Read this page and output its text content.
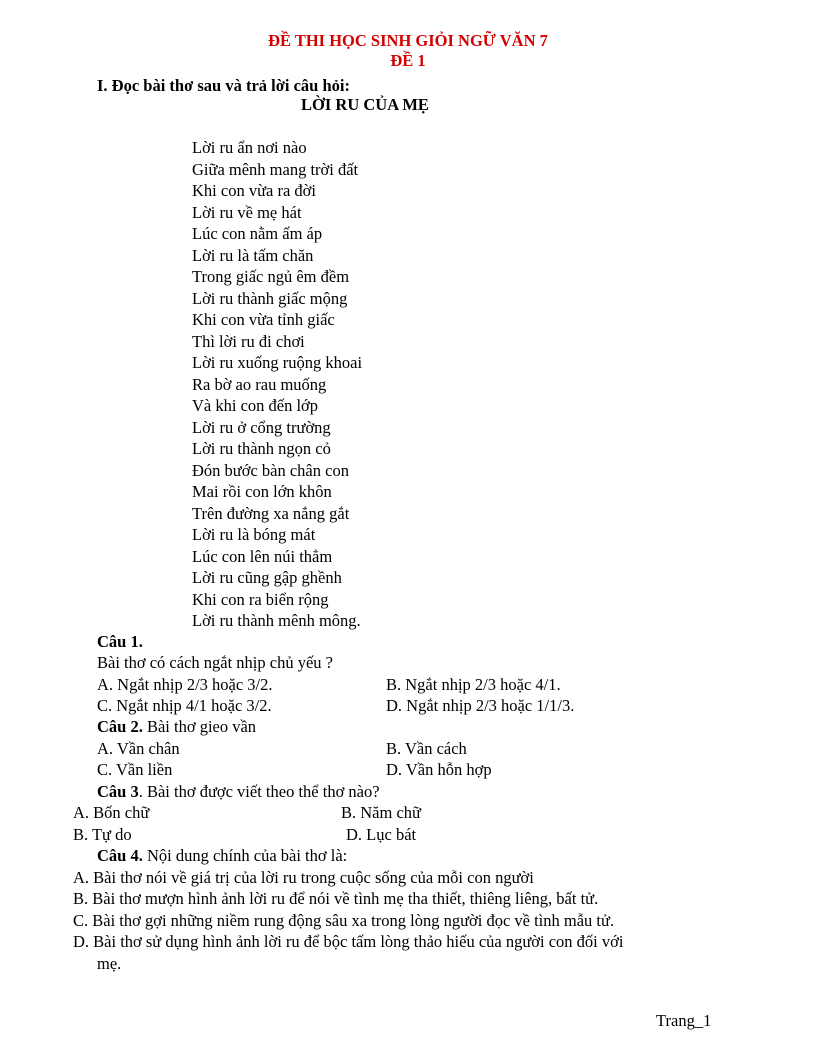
ĐỀ THI HỌC SINH GIỎI NGỮ VĂN 7
ĐỀ 1
I. Đọc bài thơ sau và trả lời câu hỏi:
LỜI RU CỦA MẸ
Lời ru ẩn nơi nào
Giữa mênh mang trời đất
Khi con vừa ra đời
Lời ru về mẹ hát
Lúc con nằm ấm áp
Lời ru là tấm chăn
Trong giấc ngủ êm đềm
Lời ru thành giấc mộng
Khi con vừa tỉnh giấc
Thì lời ru đi chơi
Lời ru xuống ruộng khoai
Ra bờ ao rau muống
Và khi con đến lớp
Lời ru ở cổng trường
Lời ru thành ngọn cỏ
Đón bước bàn chân con
Mai rồi con lớn khôn
Trên đường xa nắng gắt
Lời ru là bóng mát
Lúc con lên núi thẳm
Lời ru cũng gập ghềnh
Khi con ra biển rộng
Lời ru thành mênh mông.
Câu 1.
Bài thơ có cách ngắt nhịp chủ yếu ?
A. Ngắt nhịp 2/3 hoặc 3/2.	B. Ngắt nhịp 2/3 hoặc 4/1.
C. Ngắt nhịp 4/1 hoặc 3/2.	D. Ngắt nhịp 2/3 hoặc 1/1/3.
Câu 2. Bài thơ gieo vần
A. Vần chân	B. Vần cách
C. Vần liền	D. Vần hỗn hợp
Câu 3. Bài thơ được viết theo thể thơ nào?
A. Bốn chữ	B. Năm chữ
B. Tự do	D. Lục bát
Câu 4. Nội dung chính của bài thơ là:
A. Bài thơ nói về giá trị của lời ru trong cuộc sống của mỗi con người
B. Bài thơ mượn hình ảnh lời ru để nói về tình mẹ tha thiết, thiêng liêng, bất tử.
C. Bài thơ gợi những niềm rung động sâu xa trong lòng người đọc về tình mẫu tử.
D. Bài thơ sử dụng hình ảnh lời ru để bộc tấm lòng thảo hiếu của người con đối với
mẹ.
Trang_1
